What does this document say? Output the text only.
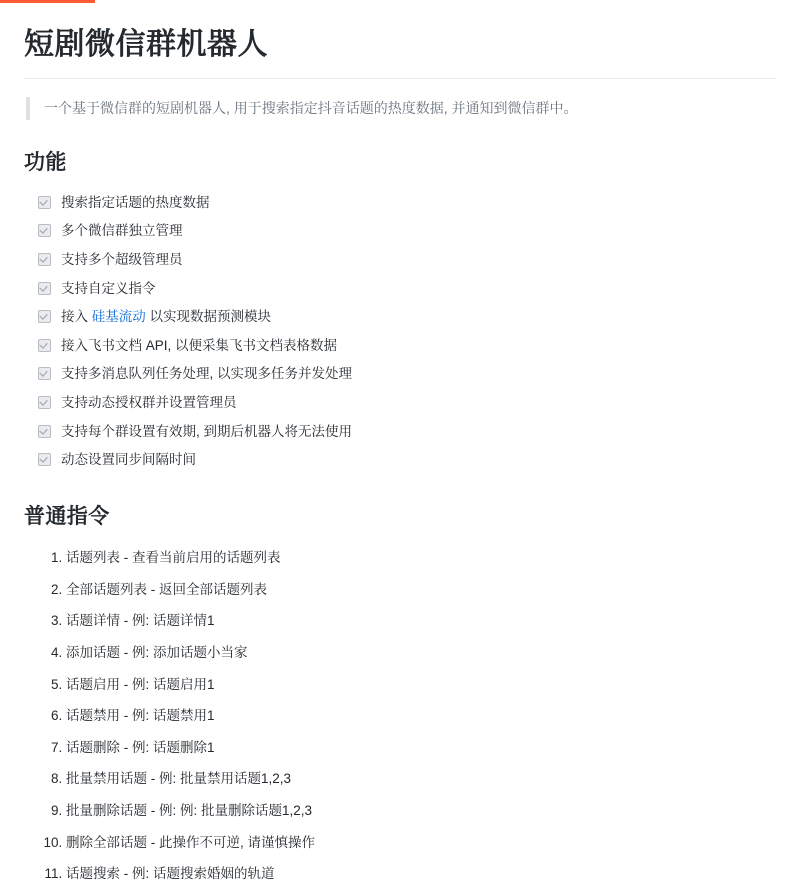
短剧微信群机器人
一个基于微信群的短剧机器人, 用于搜索指定抖音话题的热度数据, 并通知到微信群中。
功能
搜索指定话题的热度数据
多个微信群独立管理
支持多个超级管理员
支持自定义指令
接入 硅基流动 以实现数据预测模块
接入飞书文档 API, 以便采集飞书文档表格数据
支持多消息队列任务处理, 以实现多任务并发处理
支持动态授权群并设置管理员
支持每个群设置有效期, 到期后机器人将无法使用
动态设置同步间隔时间
普通指令
1. 话题列表 - 查看当前启用的话题列表
2. 全部话题列表 - 返回全部话题列表
3. 话题详情 - 例: 话题详情1
4. 添加话题 - 例: 添加话题小当家
5. 话题启用 - 例: 话题启用1
6. 话题禁用 - 例: 话题禁用1
7. 话题删除 - 例: 话题删除1
8. 批量禁用话题 - 例: 批量禁用话题1,2,3
9. 批量删除话题 - 例: 例: 批量删除话题1,2,3
10. 删除全部话题 - 此操作不可逆, 请谨慎操作
11. 话题搜索 - 例: 话题搜索婚姻的轨道
